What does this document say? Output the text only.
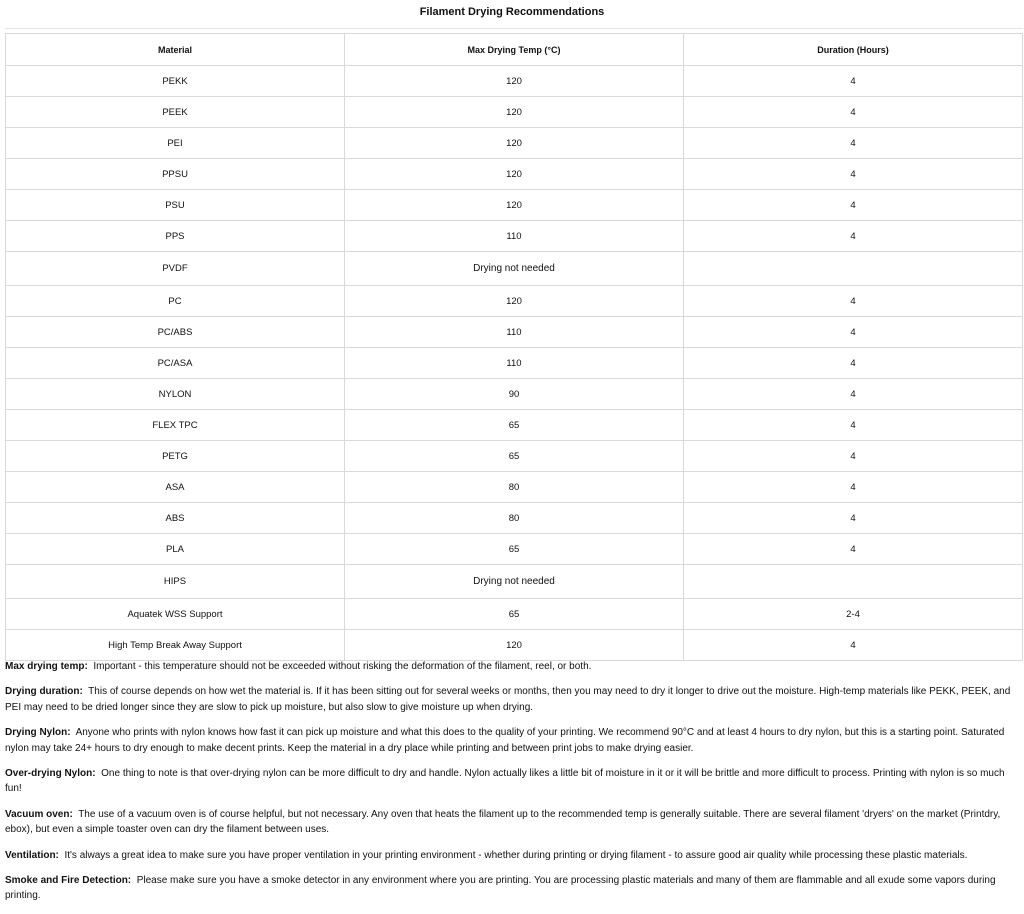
Filament Drying Recommendations
Material	Max Drying Temp (°C)	Duration (Hours)
PEKK	120	4
PEEK	120	4
PEI	120	4
PPSU	120	4
PSU	120	4
PPS	110	4
PVDF	Drying not needed	
PC	120	4
PC/ABS	110	4
PC/ASA	110	4
NYLON	90	4
FLEX TPC	65	4
PETG	65	4
ASA	80	4
ABS	80	4
PLA	65	4
HIPS	Drying not needed	
Aquatek WSS Support	65	2-4
High Temp Break Away Support	120	4

Max drying temp: Important - this temperature should not be exceeded without risking the deformation of the filament, reel, or both.

Drying duration: This of course depends on how wet the material is. If it has been sitting out for several weeks or months, then you may need to dry it longer to drive out the moisture. High-temp materials like PEKK, PEEK, and PEI may need to be dried longer since they are slow to pick up moisture, but also slow to give moisture up when drying.

Drying Nylon: Anyone who prints with nylon knows how fast it can pick up moisture and what this does to the quality of your printing. We recommend 90°C and at least 4 hours to dry nylon, but this is a starting point. Saturated nylon may take 24+ hours to dry enough to make decent prints. Keep the material in a dry place while printing and between print jobs to make drying easier.

Over-drying Nylon: One thing to note is that over-drying nylon can be more difficult to dry and handle. Nylon actually likes a little bit of moisture in it or it will be brittle and more difficult to process. Printing with nylon is so much fun!

Vacuum oven: The use of a vacuum oven is of course helpful, but not necessary. Any oven that heats the filament up to the recommended temp is generally suitable. There are several filament 'dryers' on the market (Printdry, ebox), but even a simple toaster oven can dry the filament between uses.

Ventilation: It's always a great idea to make sure you have proper ventilation in your printing environment - whether during printing or drying filament - to assure good air quality while processing these plastic materials.

Smoke and Fire Detection: Please make sure you have a smoke detector in any environment where you are printing. You are processing plastic materials and many of them are flammable and all exude some vapors during printing.
